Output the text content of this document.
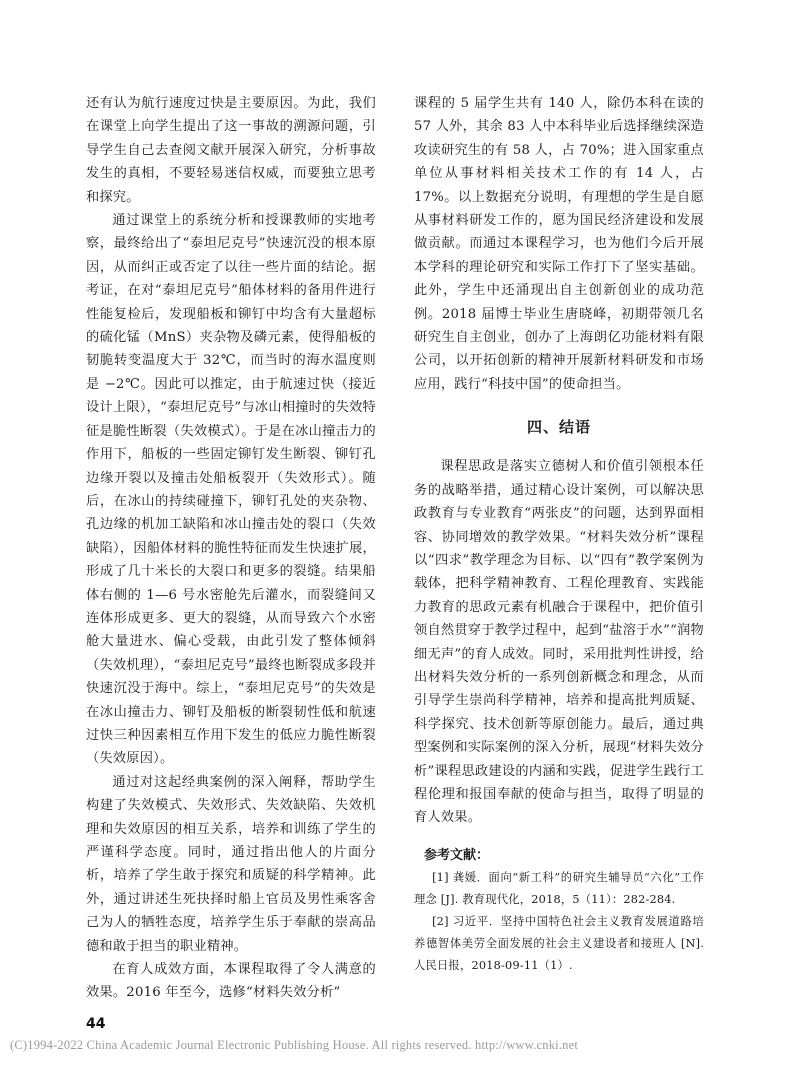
还有认为航行速度过快是主要原因。为此，我们在课堂上向学生提出了这一事故的溯源问题，引导学生自己去查阅文献开展深入研究，分析事故发生的真相，不要轻易迷信权威，而要独立思考和探究。

通过课堂上的系统分析和授课教师的实地考察，最终给出了“泰坦尼克号”快速沉没的根本原因，从而纠正或否定了以往一些片面的结论。据考证，在对“泰坦尼克号”船体材料的备用件进行性能复检后，发现船板和铆钉中均含有大量超标的硫化锰（MnS）夹杂物及磷元素，使得船板的韧脆转变温度大于 32℃，而当时的海水温度则是 −2℃。因此可以推定，由于航速过快（接近设计上限），“泰坦尼克号”与冰山相撞时的失效特征是脆性断裂（失效模式）。于是在冰山撞击力的作用下，船板的一些固定铆钉发生断裂、铆钉孔边缘开裂以及撞击处船板裂开（失效形式）。随后，在冰山的持续碰撞下，铆钉孔处的夹杂物、孔边缘的机加工缺陷和冰山撞击处的裂口（失效缺陷），因船体材料的脆性特征而发生快速扩展，形成了几十米长的大裂口和更多的裂缝。结果船体右侧的 1—6 号水密舱先后灌水，而裂缝间又连体形成更多、更大的裂缝，从而导致六个水密舱大量进水、偏心受载，由此引发了整体倾斜（失效机理），“泰坦尼克号”最终也断裂成多段并快速沉没于海中。综上，“泰坦尼克号”的失效是在冰山撞击力、铆钉及船板的断裂韧性低和航速过快三种因素相互作用下发生的低应力脆性断裂（失效原因）。

通过对这起经典案例的深入阐释，帮助学生构建了失效模式、失效形式、失效缺陷、失效机理和失效原因的相互关系，培养和训练了学生的严谨科学态度。同时，通过指出他人的片面分析，培养了学生敢于探究和质疑的科学精神。此外，通过讲述生死抉择时船上官员及男性乘客舍己为人的牺牲态度，培养学生乐于奉献的崇高品德和敢于担当的职业精神。

在育人成效方面，本课程取得了令人满意的效果。2016 年至今，选修“材料失效分析”

课程的 5 届学生共有 140 人，除仍本科在读的 57 人外，其余 83 人中本科毕业后选择继续深造攻读研究生的有 58 人，占 70%；进入国家重点单位从事材料相关技术工作的有 14 人，占 17%。以上数据充分说明，有理想的学生是自愿从事材料研发工作的，愿为国民经济建设和发展做贡献。而通过本课程学习，也为他们今后开展本学科的理论研究和实际工作打下了坚实基础。此外，学生中还涌现出自主创新创业的成功范例。2018 届博士毕业生唐晓峰，初期带领几名研究生自主创业，创办了上海朗亿功能材料有限公司，以开拓创新的精神开展新材料研发和市场应用，践行“科技中国”的使命担当。

四、结语

课程思政是落实立德树人和价值引领根本任务的战略举措，通过精心设计案例，可以解决思政教育与专业教育“两张皮”的问题，达到界面相容、协同增效的教学效果。“材料失效分析”课程以“四求”教学理念为目标、以“四有”教学案例为载体，把科学精神教育、工程伦理教育、实践能力教育的思政元素有机融合于课程中，把价值引领自然贯穿于教学过程中，起到“盐溶于水”“润物细无声”的育人成效。同时，采用批判性讲授，给出材料失效分析的一系列创新概念和理念，从而引导学生崇尚科学精神，培养和提高批判质疑、科学探究、技术创新等原创能力。最后，通过典型案例和实际案例的深入分析，展现“材料失效分析”课程思政建设的内涵和实践，促进学生践行工程伦理和报国奉献的使命与担当，取得了明显的育人效果。

参考文献：

[1] 龚媛．面向“新工科”的研究生辅导员“六化”工作理念 [J]. 教育现代化，2018，5（11）：282-284.

[2] 习近平．坚持中国特色社会主义教育发展道路培养德智体美劳全面发展的社会主义建设者和接班人 [N]. 人民日报，2018-09-11（1）.

44
(C)1994-2022 China Academic Journal Electronic Publishing House. All rights reserved. http://www.cnki.net
